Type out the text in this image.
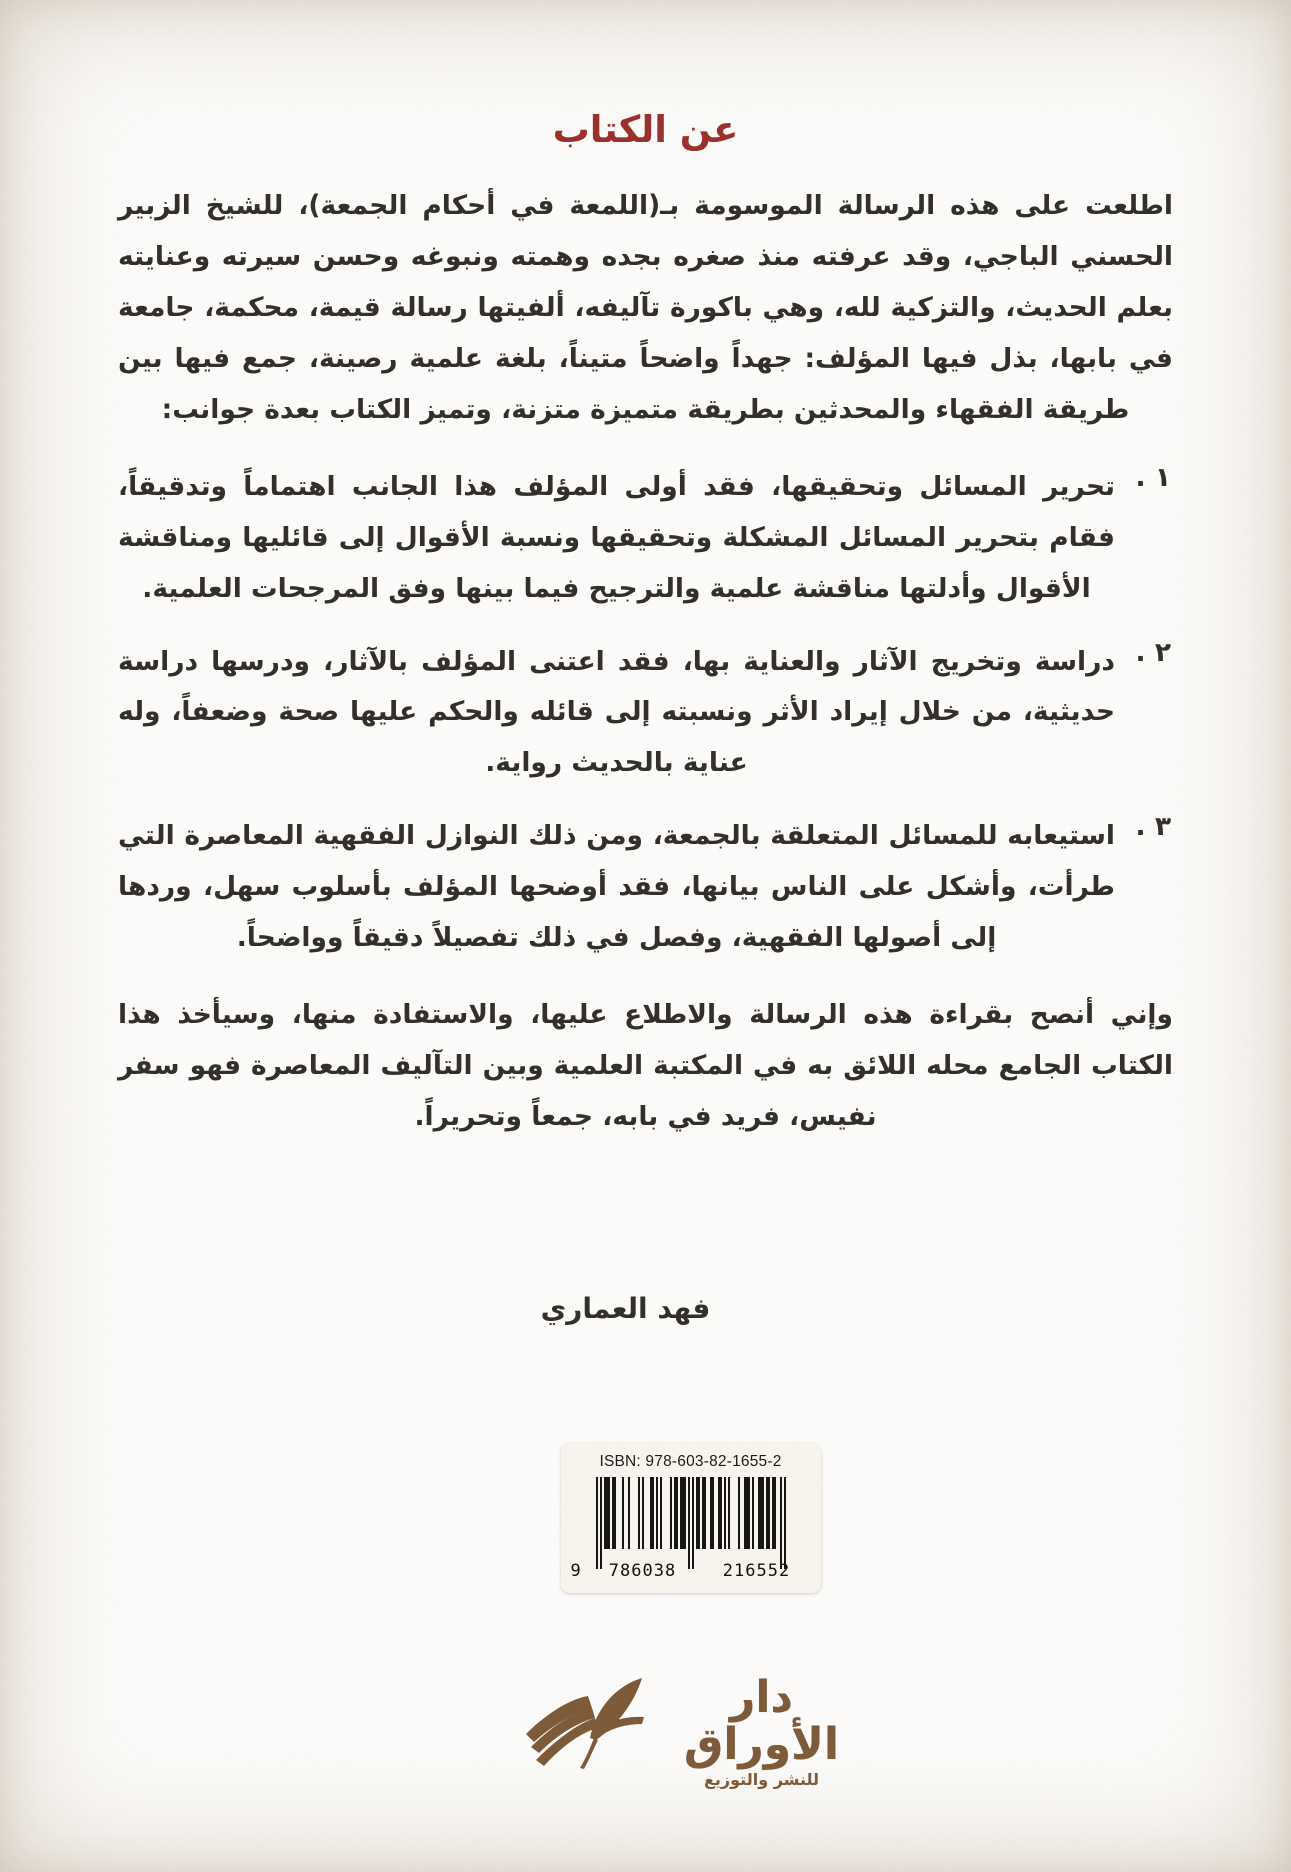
عن الكتاب

اطلعت على هذه الرسالة الموسومة بـ(اللمعة في أحكام الجمعة)، للشيخ الزبير الحسني الباجي، وقد عرفته منذ صغره بجده وهمته ونبوغه وحسن سيرته وعنايته بعلم الحديث، والتزكية لله، وهي باكورة تآليفه، ألفيتها رسالة قيمة، محكمة، جامعة في بابها، بذل فيها المؤلف: جهداً واضحاً متيناً، بلغة علمية رصينة، جمع فيها بين طريقة الفقهاء والمحدثين بطريقة متميزة متزنة، وتميز الكتاب بعدة جوانب:

١ .
تحرير المسائل وتحقيقها، فقد أولى المؤلف هذا الجانب اهتماماً وتدقيقاً، فقام بتحرير المسائل المشكلة وتحقيقها ونسبة الأقوال إلى قائليها ومناقشة الأقوال وأدلتها مناقشة علمية والترجيح فيما بينها وفق المرجحات العلمية.
٢ .
دراسة وتخريج الآثار والعناية بها، فقد اعتنى المؤلف بالآثار، ودرسها دراسة حديثية، من خلال إيراد الأثر ونسبته إلى قائله والحكم عليها صحة وضعفاً، وله عناية بالحديث رواية.
٣ .
استيعابه للمسائل المتعلقة بالجمعة، ومن ذلك النوازل الفقهية المعاصرة التي طرأت، وأشكل على الناس بيانها، فقد أوضحها المؤلف بأسلوب سهل، وردها إلى أصولها الفقهية، وفصل في ذلك تفصيلاً دقيقاً وواضحاً.

وإني أنصح بقراءة هذه الرسالة والاطلاع عليها، والاستفادة منها، وسيأخذ هذا الكتاب الجامع محله اللائق به في المكتبة العلمية وبين التآليف المعاصرة فهو سفر نفيس، فريد في بابه، جمعاً وتحريراً.

فهد العماري
ISBN: 978-603-82-1655-2
9	786038	216552
دار الأوراق
للنشر والتوزيع
